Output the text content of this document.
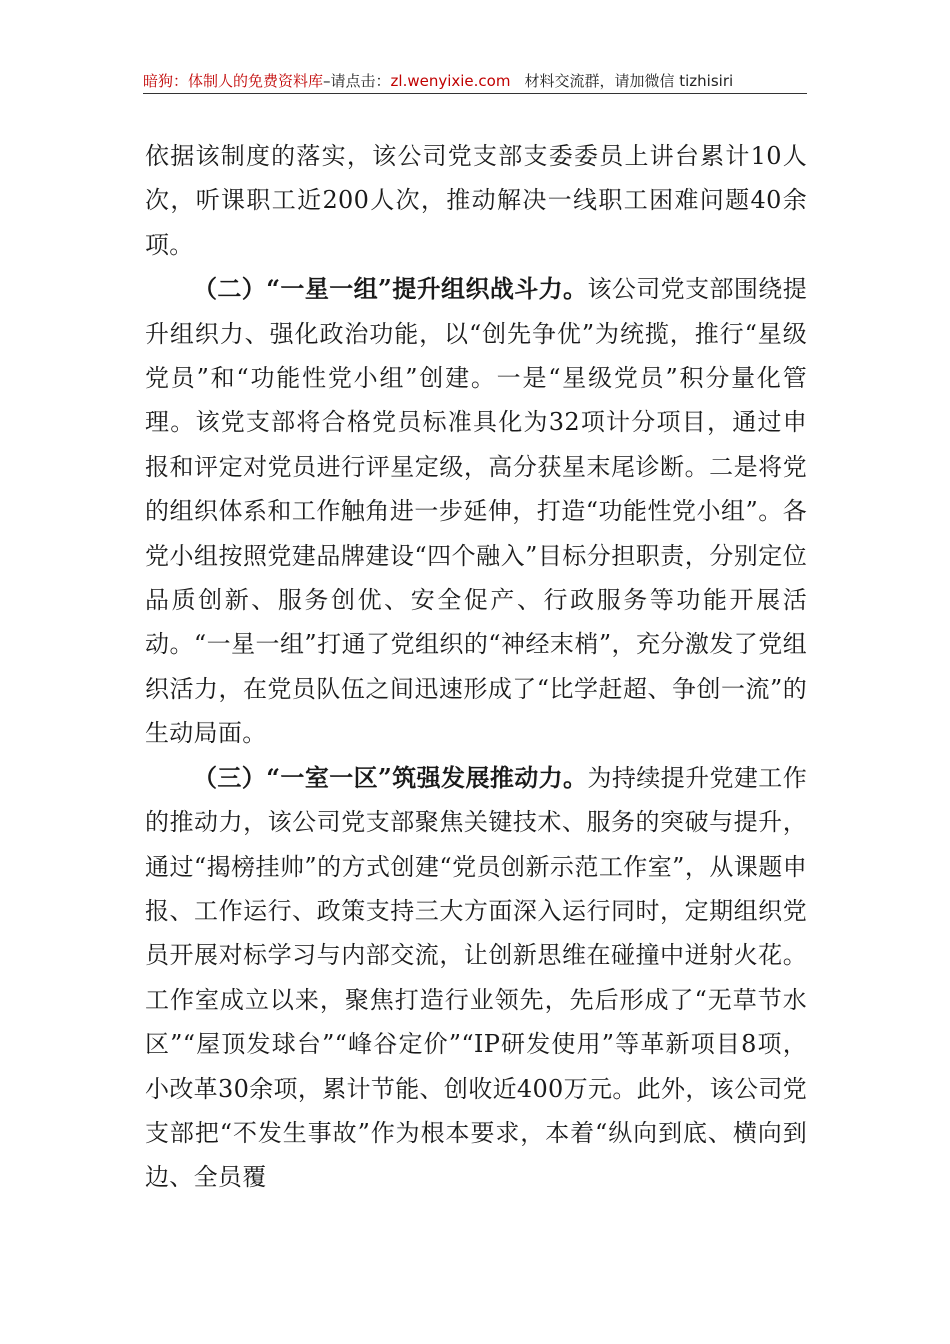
暗狗：体制人的免费资料库–请点击：zl.wenyixie.com 材料交流群，请加微信 tizhisiri

依据该制度的落实，该公司党支部支委委员上讲台累计10人次，听课职工近200人次，推动解决一线职工困难问题40余项。

（二）“一星一组”提升组织战斗力。该公司党支部围绕提升组织力、强化政治功能，以“创先争优”为统揽，推行“星级党员”和“功能性党小组”创建。一是“星级党员”积分量化管理。该党支部将合格党员标准具化为32项计分项目，通过申报和评定对党员进行评星定级，高分获星末尾诊断。二是将党的组织体系和工作触角进一步延伸，打造“功能性党小组”。各党小组按照党建品牌建设“四个融入”目标分担职责，分别定位品质创新、服务创优、安全促产、行政服务等功能开展活动。“一星一组”打通了党组织的“神经末梢”，充分激发了党组织活力，在党员队伍之间迅速形成了“比学赶超、争创一流”的生动局面。

（三）“一室一区”筑强发展推动力。为持续提升党建工作的推动力，该公司党支部聚焦关键技术、服务的突破与提升，通过“揭榜挂帅”的方式创建“党员创新示范工作室”，从课题申报、工作运行、政策支持三大方面深入运行同时，定期组织党员开展对标学习与内部交流，让创新思维在碰撞中迸射火花。工作室成立以来，聚焦打造行业领先，先后形成了“无草节水区”“屋顶发球台”“峰谷定价”“IP研发使用”等革新项目8项，小改革30余项，累计节能、创收近400万元。此外，该公司党支部把“不发生事故”作为根本要求，本着“纵向到底、横向到边、全员覆
